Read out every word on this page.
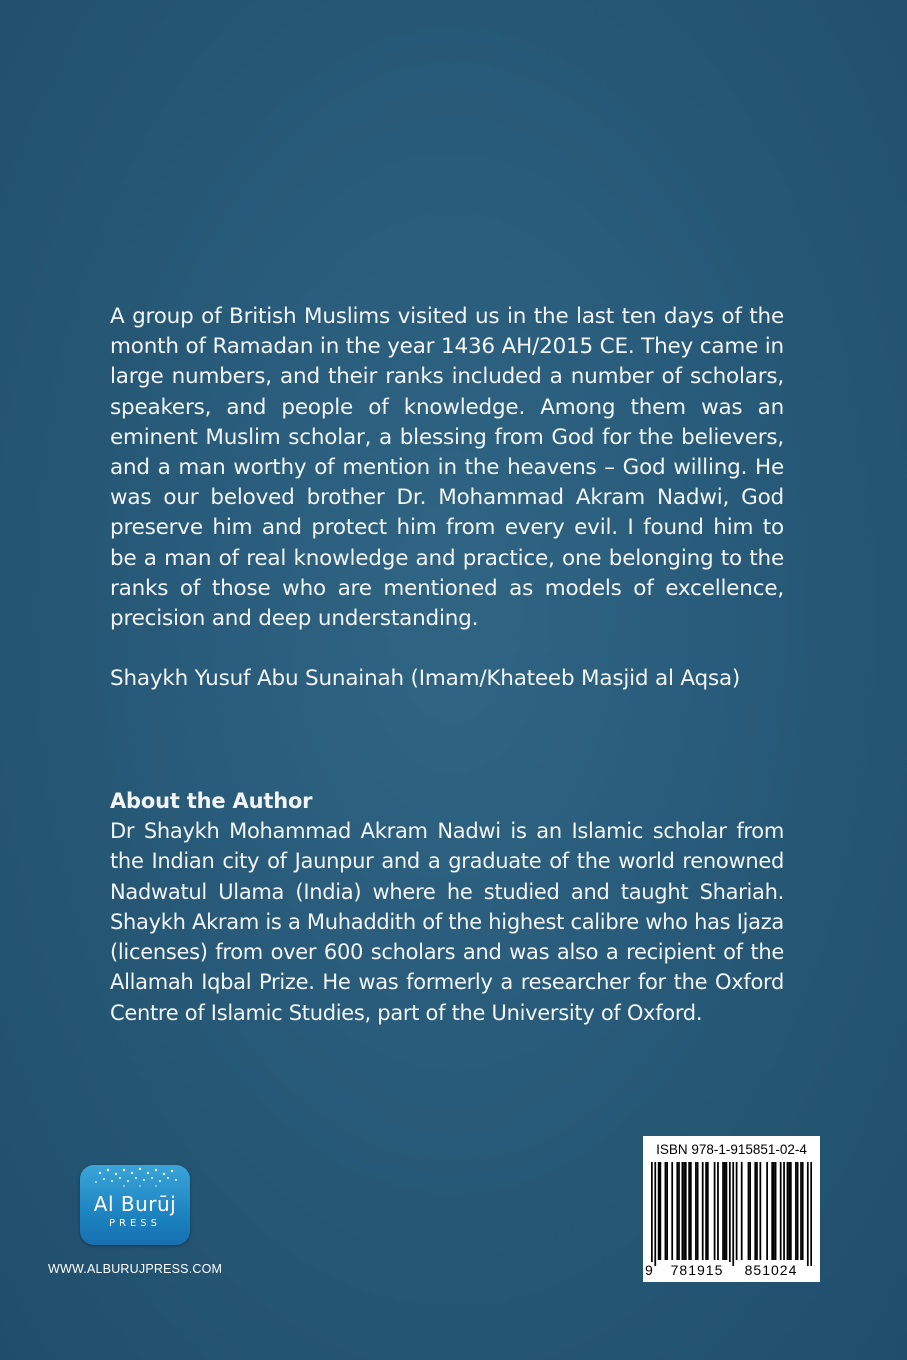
A group of British Muslims visited us in the last ten days of the month of Ramadan in the year 1436 AH/2015 CE. They came in large numbers, and their ranks included a number of scholars, speakers, and people of knowledge. Among them was an eminent Muslim scholar, a blessing from God for the believers, and a man worthy of mention in the heavens – God willing. He was our beloved brother Dr. Mohammad Akram Nadwi, God preserve him and protect him from every evil. I found him to be a man of real knowledge and practice, one belonging to the ranks of those who are mentioned as models of excellence, precision and deep understanding.

Shaykh Yusuf Abu Sunainah (Imam/Khateeb Masjid al Aqsa)

About the Author

Dr Shaykh Mohammad Akram Nadwi is an Islamic scholar from the Indian city of Jaunpur and a graduate of the world renowned Nadwatul Ulama (India) where he studied and taught Shariah. Shaykh Akram is a Muhaddith of the highest calibre who has Ijaza (licenses) from over 600 scholars and was also a recipient of the Allamah Iqbal Prize. He was formerly a researcher for the Oxford Centre of Islamic Studies, part of the University of Oxford.

Al Burūj
PRESS
WWW.ALBURUJPRESS.COM
ISBN 978-1-915851-02-4
9	781915	851024
